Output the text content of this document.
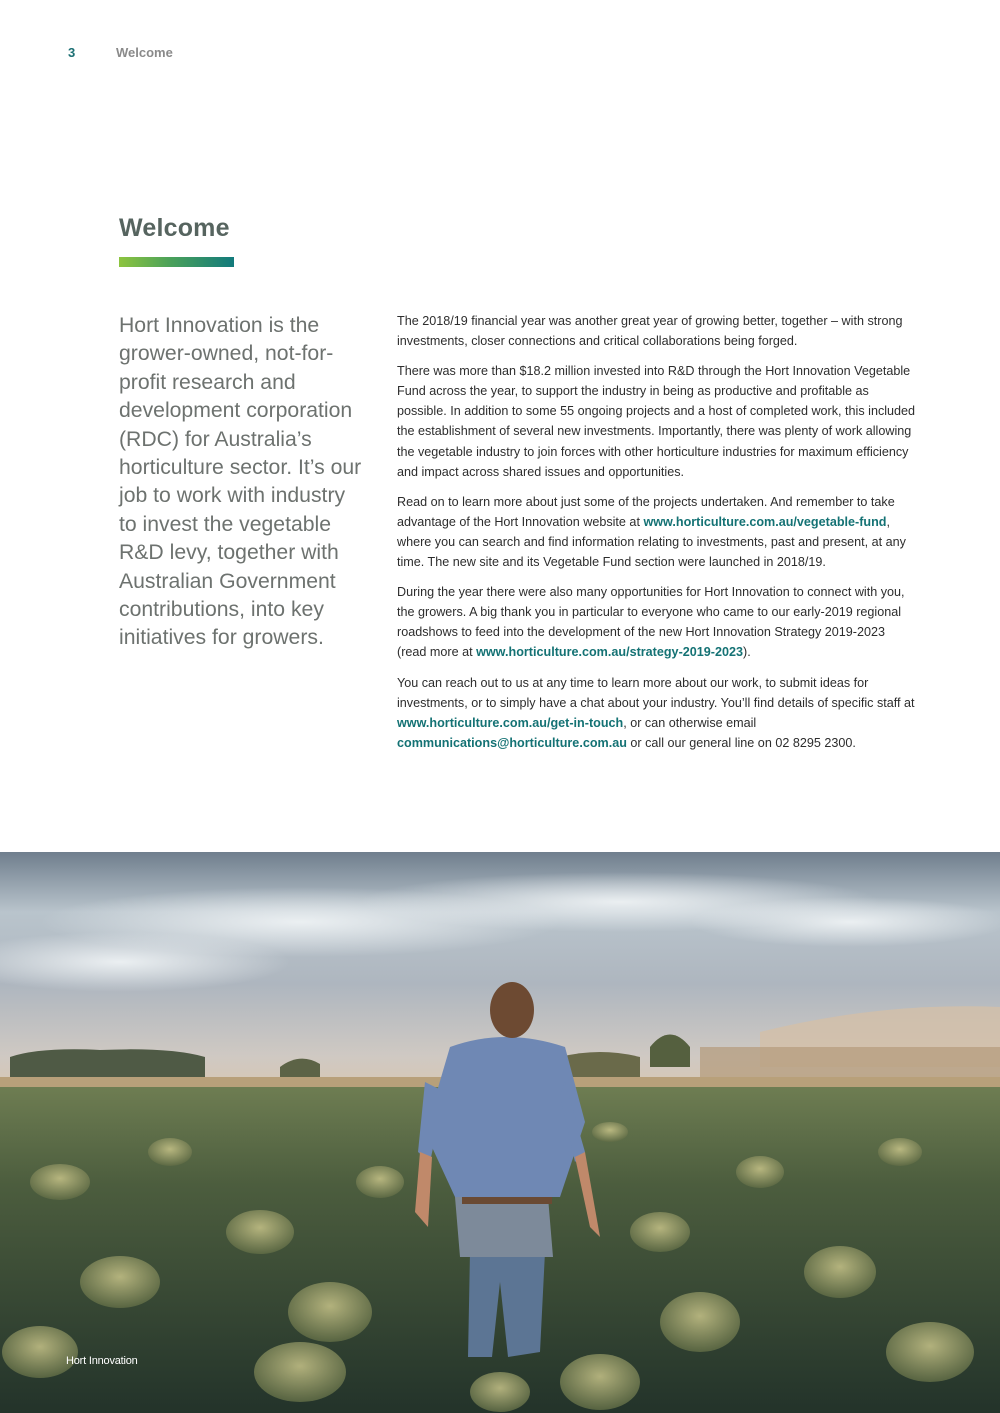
3	Welcome
Welcome

Hort Innovation is the grower-owned, not-for-profit research and development corporation (RDC) for Australia’s horticulture sector. It’s our job to work with industry to invest the vegetable R&D levy, together with Australian Government contributions, into key initiatives for growers.

The 2018/19 financial year was another great year of growing better, together – with strong investments, closer connections and critical collaborations being forged.

There was more than $18.2 million invested into R&D through the Hort Innovation Vegetable Fund across the year, to support the industry in being as productive and profitable as possible. In addition to some 55 ongoing projects and a host of completed work, this included the establishment of several new investments. Importantly, there was plenty of work allowing the vegetable industry to join forces with other horticulture industries for maximum efficiency and impact across shared issues and opportunities.

Read on to learn more about just some of the projects undertaken. And remember to take advantage of the Hort Innovation website at www.horticulture.com.au/vegetable-fund, where you can search and find information relating to investments, past and present, at any time. The new site and its Vegetable Fund section were launched in 2018/19.

During the year there were also many opportunities for Hort Innovation to connect with you, the growers. A big thank you in particular to everyone who came to our early-2019 regional roadshows to feed into the development of the new Hort Innovation Strategy 2019-2023 (read more at www.horticulture.com.au/strategy-2019-2023).

You can reach out to us at any time to learn more about our work, to submit ideas for investments, or to simply have a chat about your industry. You’ll find details of specific staff at www.horticulture.com.au/get-in-touch, or can otherwise email communications@horticulture.com.au or call our general line on 02 8295 2300.

Hort Innovation
